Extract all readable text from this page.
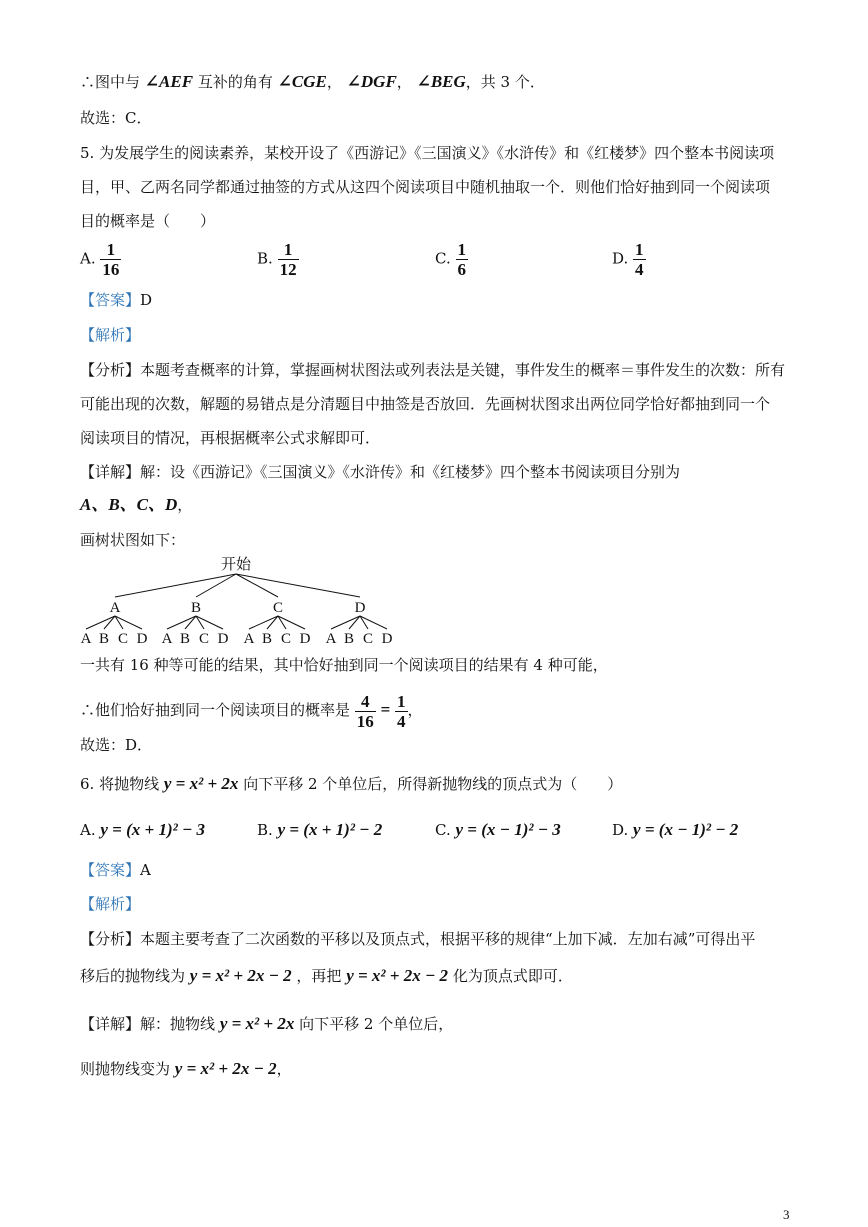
∴图中与 ∠AEF 互补的角有 ∠CGE， ∠DGF， ∠BEG，共 3 个．
故选：C．
5. 为发展学生的阅读素养，某校开设了《西游记》《三国演义》《水浒传》和《红楼梦》四个整本书阅读项
目，甲、乙两名同学都通过抽签的方式从这四个阅读项目中随机抽取一个．则他们恰好抽到同一个阅读项
目的概率是（　　）
A. $\frac{1}{16}$	B. $\frac{1}{12}$	C. $\frac{1}{6}$	D. $\frac{1}{4}$
【答案】D
【解析】
【分析】本题考查概率的计算，掌握画树状图法或列表法是关键，事件发生的概率＝事件发生的次数：所有
可能出现的次数，解题的易错点是分清题目中抽签是否放回．先画树状图求出两位同学恰好都抽到同一个
阅读项目的情况，再根据概率公式求解即可．
【详解】解：设《西游记》《三国演义》《水浒传》和《红楼梦》四个整本书阅读项目分别为
A、B、C、D，
画树状图如下：
开始
A	B	C	D
A B C D A B C D A B C D A B C D
一共有 16 种等可能的结果，其中恰好抽到同一个阅读项目的结果有 4 种可能，
∴他们恰好抽到同一个阅读项目的概率是 $\frac{4}{16} = \frac{1}{4}$ ，
故选：D．
6. 将抛物线 y = x² + 2x 向下平移 2 个单位后，所得新抛物线的顶点式为（　　）
A. y = (x + 1)² − 3	B. y = (x + 1)² − 2	C. y = (x − 1)² − 3	D. y = (x − 1)² − 2
【答案】A
【解析】
【分析】本题主要考查了二次函数的平移以及顶点式，根据平移的规律“上加下减．左加右减”可得出平
移后的抛物线为 y = x² + 2x − 2 ，再把 y = x² + 2x − 2 化为顶点式即可．
【详解】解：抛物线 y = x² + 2x 向下平移 2 个单位后，
则抛物线变为 y = x² + 2x − 2，
3
